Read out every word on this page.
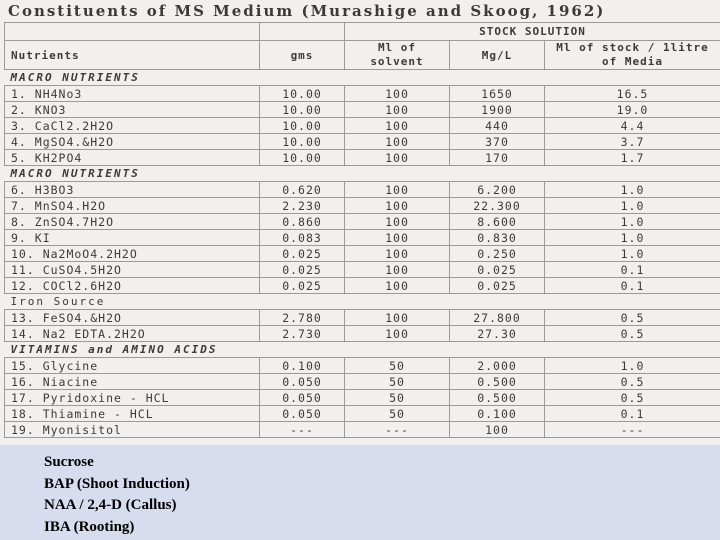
Constituents of MS Medium (Murashige and Skoog, 1962)
		STOCK SOLUTION		
Nutrients	gms	Ml of solvent	Mg/L	Ml of stock / 1litre of Media
MACRO NUTRIENTS				
1. NH4No3	10.00	100	1650	16.5
2. KNO3	10.00	100	1900	19.0
3. CaCl2.2H2O	10.00	100	440	4.4
4. MgSO4.&H2O	10.00	100	370	3.7
5. KH2PO4	10.00	100	170	1.7
MACRO NUTRIENTS				
6. H3BO3	0.620	100	6.200	1.0
7. MnSO4.H2O	2.230	100	22.300	1.0
8. ZnSO4.7H2O	0.860	100	8.600	1.0
9. KI	0.083	100	0.830	1.0
10. Na2MoO4.2H2O	0.025	100	0.250	1.0
11. CuSO4.5H2O	0.025	100	0.025	0.1
12. COCl2.6H2O	0.025	100	0.025	0.1
Iron Source				
13. FeSO4.&H2O	2.780	100	27.800	0.5
14. Na2 EDTA.2H2O	2.730	100	27.30	0.5
VITAMINS and AMINO ACIDS				
15. Glycine	0.100	50	2.000	1.0
16. Niacine	0.050	50	0.500	0.5
17. Pyridoxine - HCL	0.050	50	0.500	0.5
18. Thiamine - HCL	0.050	50	0.100	0.1
19. Myonisitol	---	---	100	---
Sucrose
BAP (Shoot Induction)
NAA / 2,4-D (Callus)
IBA (Rooting)
